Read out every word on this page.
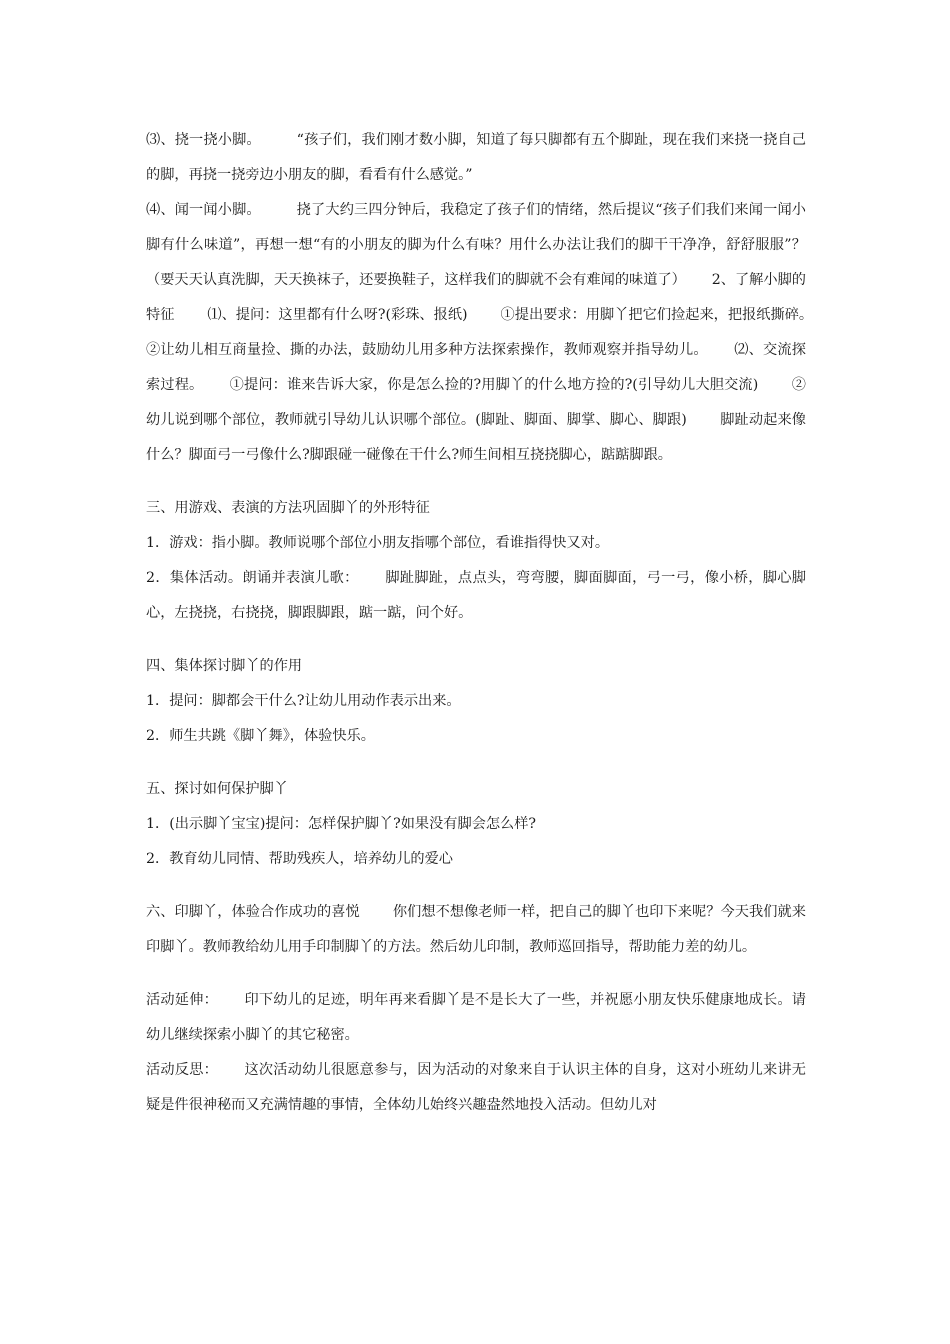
⑶、挠一挠小脚。　　　“孩子们，我们刚才数小脚，知道了每只脚都有五个脚趾，现在我们来挠一挠自己的脚，再挠一挠旁边小朋友的脚，看看有什么感觉。”

⑷、闻一闻小脚。　　　挠了大约三四分钟后，我稳定了孩子们的情绪，然后提议“孩子们我们来闻一闻小脚有什么味道”，再想一想“有的小朋友的脚为什么有味？用什么办法让我们的脚干干净净，舒舒服服”？　（要天天认真洗脚，天天换袜子，还要换鞋子，这样我们的脚就不会有难闻的味道了）　　 2、了解小脚的特征　　 ⑴、提问：这里都有什么呀?(彩珠、报纸)　　 ①提出要求：用脚丫把它们捡起来，把报纸撕碎。　　 ②让幼儿相互商量捡、撕的办法，鼓励幼儿用多种方法探索操作，教师观察并指导幼儿。　　 ⑵、交流探索过程。　　 ①提问：谁来告诉大家，你是怎么捡的?用脚丫的什么地方捡的?(引导幼儿大胆交流)　　 ②幼儿说到哪个部位，教师就引导幼儿认识哪个部位。(脚趾、脚面、脚掌、脚心、脚跟)　　 脚趾动起来像什么？脚面弓一弓像什么?脚跟碰一碰像在干什么?师生间相互挠挠脚心，踮踮脚跟。

三、用游戏、表演的方法巩固脚丫的外形特征

1．游戏：指小脚。教师说哪个部位小朋友指哪个部位，看谁指得快又对。

2．集体活动。朗诵并表演儿歌：　　 脚趾脚趾，点点头，弯弯腰，脚面脚面，弓一弓，像小桥，脚心脚心，左挠挠，右挠挠，脚跟脚跟，踮一踮，问个好。

四、集体探讨脚丫的作用

1．提问：脚都会干什么?让幼儿用动作表示出来。

2．师生共跳《脚丫舞》，体验快乐。

五、探讨如何保护脚丫

1．(出示脚丫宝宝)提问：怎样保护脚丫?如果没有脚会怎么样?

2．教育幼儿同情、帮助残疾人，培养幼儿的爱心

六、印脚丫，体验合作成功的喜悦　　 你们想不想像老师一样，把自己的脚丫也印下来呢？今天我们就来印脚丫。教师教给幼儿用手印制脚丫的方法。然后幼儿印制，教师巡回指导，帮助能力差的幼儿。

活动延伸：　　 印下幼儿的足迹，明年再来看脚丫是不是长大了一些，并祝愿小朋友快乐健康地成长。请幼儿继续探索小脚丫的其它秘密。

活动反思：　　 这次活动幼儿很愿意参与，因为活动的对象来自于认识主体的自身，这对小班幼儿来讲无疑是件很神秘而又充满情趣的事情，全体幼儿始终兴趣盎然地投入活动。但幼儿对
